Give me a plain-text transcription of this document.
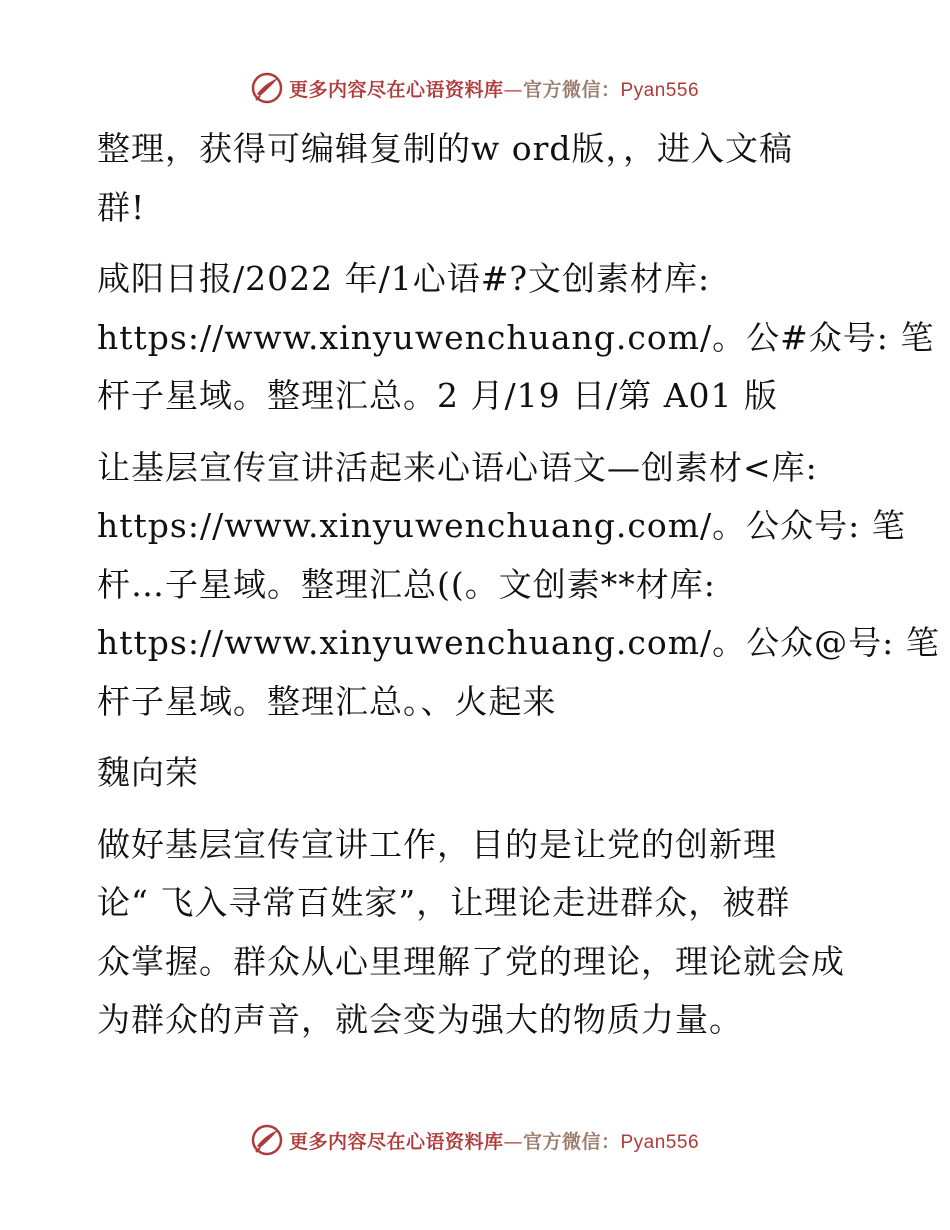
更多内容尽在心语资料库—官方微信：Pyan556

整理，获得可编辑复制的w ord版，，进入文稿
群!

咸阳日报/2022 年/1心语#?文创素材库:
https://www.xinyuwenchuang.com/。公#众号: 笔
杆子星域。整理汇总。2 月/19 日/第 A01 版

让基层宣传宣讲活起来心语心语文—创素材<库:
https://www.xinyuwenchuang.com/。公众号: 笔
杆…子星域。整理汇总((。文创素**材库:
https://www.xinyuwenchuang.com/。公众@号: 笔
杆子星域。整理汇总。、火起来

魏向荣

做好基层宣传宣讲工作，目的是让党的创新理
论“ 飞入寻常百姓家”，让理论走进群众，被群
众掌握。群众从心里理解了党的理论，理论就会成
为群众的声音，就会变为强大的物质力量。

更多内容尽在心语资料库—官方微信：Pyan556
